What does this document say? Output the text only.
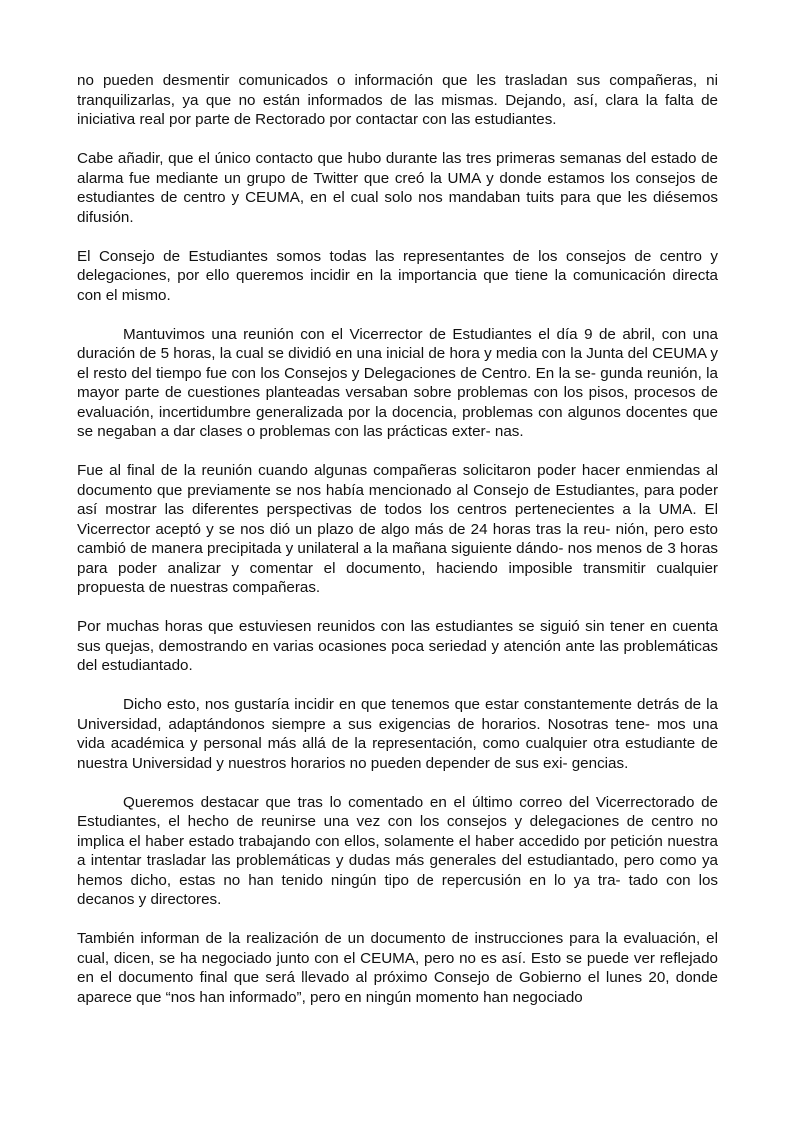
no pueden desmentir comunicados o información que les trasladan sus compañeras, ni tranquilizarlas, ya que no están informados de las mismas. Dejando, así, clara la falta de iniciativa real por parte de Rectorado por contactar con las estudiantes.

Cabe añadir, que el único contacto que hubo durante las tres primeras semanas del estado de alarma fue mediante un grupo de Twitter que creó la UMA y donde estamos los consejos de estudiantes de centro y CEUMA, en el cual solo nos mandaban tuits para que les diésemos difusión.

El Consejo de Estudiantes somos todas las representantes de los consejos de centro y delegaciones, por ello queremos incidir en la importancia que tiene la comunicación directa con el mismo.

Mantuvimos una reunión con el Vicerrector de Estudiantes el día 9 de abril, con una duración de 5 horas, la cual se dividió en una inicial de hora y media con la Junta del CEUMA y el resto del tiempo fue con los Consejos y Delegaciones de Centro. En la se- gunda reunión, la mayor parte de cuestiones planteadas versaban sobre problemas con los pisos, procesos de evaluación, incertidumbre generalizada por la docencia, problemas con algunos docentes que se negaban a dar clases o problemas con las prácticas exter- nas.

Fue al final de la reunión cuando algunas compañeras solicitaron poder hacer enmiendas al documento que previamente se nos había mencionado al Consejo de Estudiantes, para poder así mostrar las diferentes perspectivas de todos los centros pertenecientes a la UMA. El Vicerrector aceptó y se nos dió un plazo de algo más de 24 horas tras la reu- nión, pero esto cambió de manera precipitada y unilateral a la mañana siguiente dándo- nos menos de 3 horas para poder analizar y comentar el documento, haciendo imposible transmitir cualquier propuesta de nuestras compañeras.

Por muchas horas que estuviesen reunidos con las estudiantes se siguió sin tener en cuenta sus quejas, demostrando en varias ocasiones poca seriedad y atención ante las problemáticas del estudiantado.

Dicho esto, nos gustaría incidir en que tenemos que estar constantemente detrás de la Universidad, adaptándonos siempre a sus exigencias de horarios. Nosotras tene- mos una vida académica y personal más allá de la representación, como cualquier otra estudiante de nuestra Universidad y nuestros horarios no pueden depender de sus exi- gencias.

Queremos destacar que tras lo comentado en el último correo del Vicerrectorado de Estudiantes, el hecho de reunirse una vez con los consejos y delegaciones de centro no implica el haber estado trabajando con ellos, solamente el haber accedido por petición nuestra a intentar trasladar las problemáticas y dudas más generales del estudiantado, pero como ya hemos dicho, estas no han tenido ningún tipo de repercusión en lo ya tra- tado con los decanos y directores.

También informan de la realización de un documento de instrucciones para la evaluación, el cual, dicen, se ha negociado junto con el CEUMA, pero no es así. Esto se puede ver reflejado en el documento final que será llevado al próximo Consejo de Gobierno el lunes 20, donde aparece que “nos han informado”, pero en ningún momento han negociado
